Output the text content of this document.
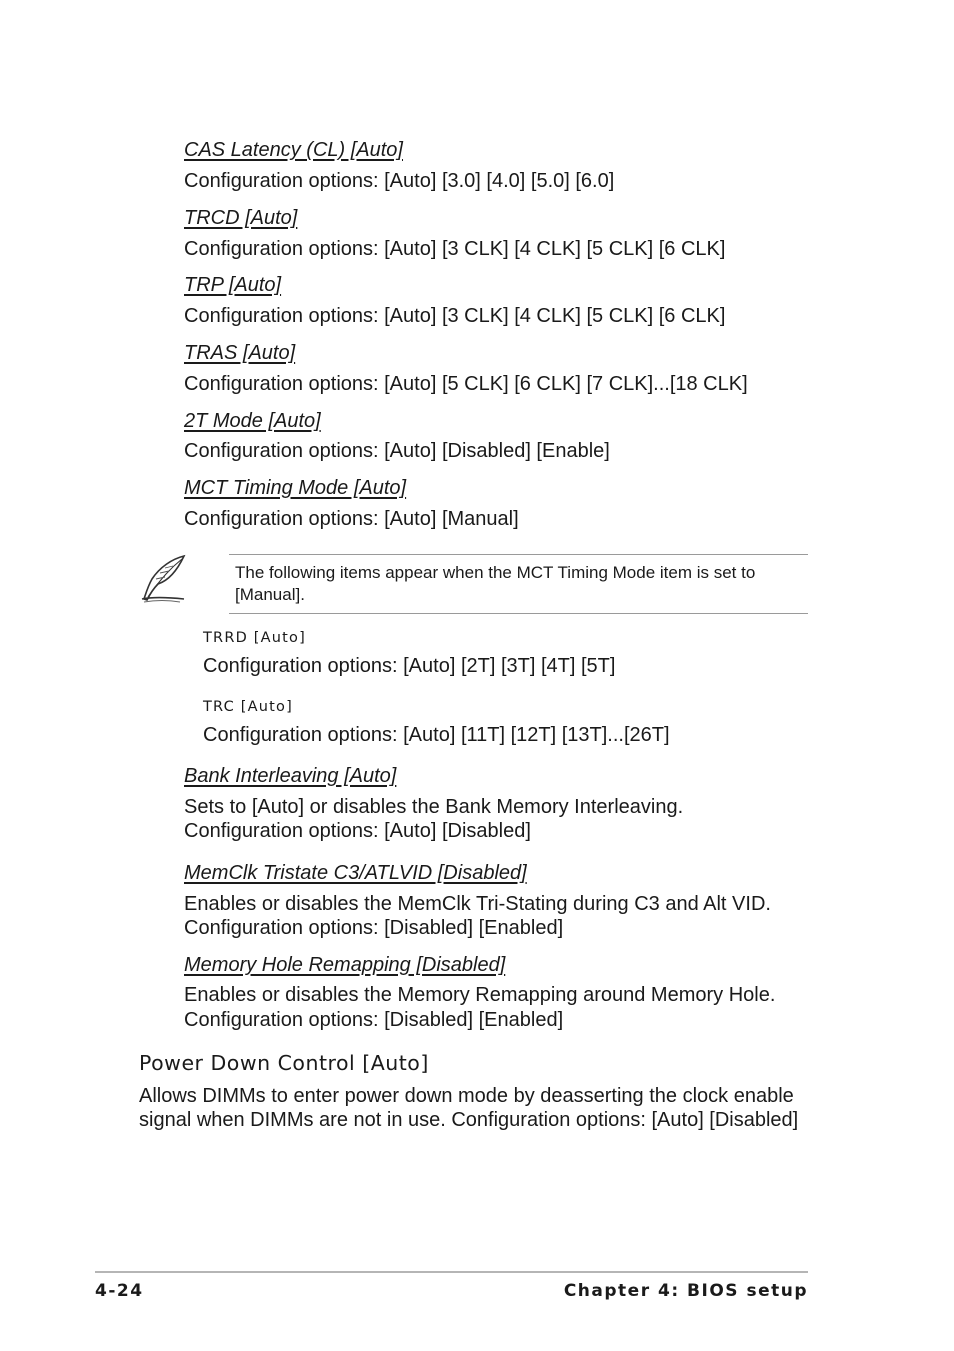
CAS Latency (CL) [Auto]
Configuration options: [Auto] [3.0] [4.0] [5.0] [6.0]
TRCD [Auto]
Configuration options: [Auto] [3 CLK] [4 CLK] [5 CLK] [6 CLK]
TRP [Auto]
Configuration options: [Auto] [3 CLK] [4 CLK] [5 CLK] [6 CLK]
TRAS [Auto]
Configuration options: [Auto] [5 CLK] [6 CLK] [7 CLK]...[18 CLK]
2T Mode [Auto]
Configuration options: [Auto] [Disabled] [Enable]
MCT Timing Mode [Auto]
Configuration options: [Auto] [Manual]
The following items appear when the MCT Timing Mode item is set to [Manual].
TRRD [Auto]
Configuration options: [Auto] [2T] [3T] [4T] [5T]
TRC [Auto]
Configuration options: [Auto] [11T] [12T] [13T]...[26T]
Bank Interleaving [Auto]
Sets to [Auto] or disables the Bank Memory Interleaving.
Configuration options: [Auto] [Disabled]
MemClk Tristate C3/ATLVID [Disabled]
Enables or disables the MemClk Tri-Stating during C3 and Alt VID.
Configuration options: [Disabled] [Enabled]
Memory Hole Remapping [Disabled]
Enables or disables the Memory Remapping around Memory Hole.
Configuration options: [Disabled] [Enabled]
Power Down Control [Auto]
Allows DIMMs to enter power down mode by deasserting the clock enable
signal when DIMMs are not in use. Configuration options: [Auto] [Disabled]
4-24	Chapter 4: BIOS setup
